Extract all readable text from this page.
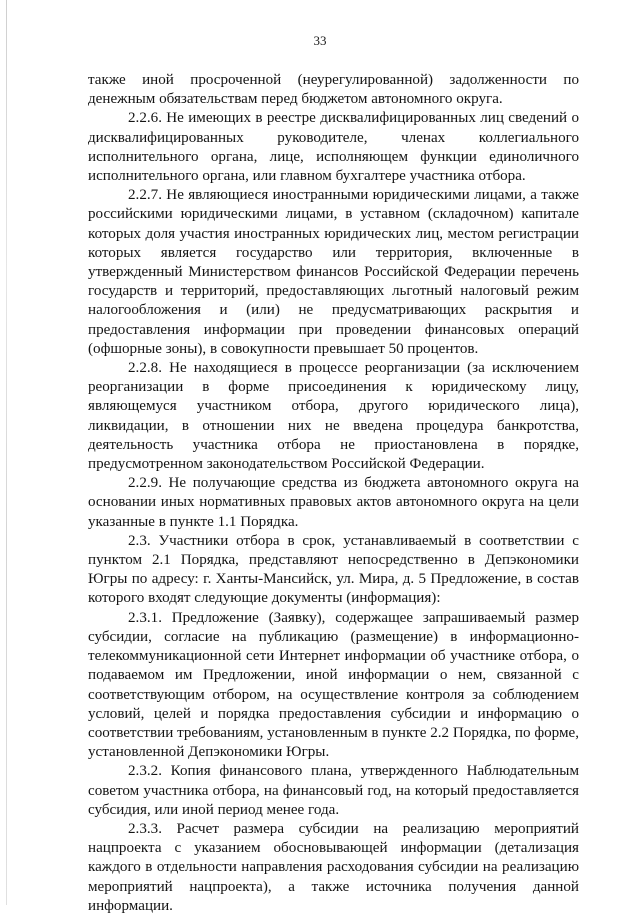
33

также иной просроченной (неурегулированной) задолженности по денежным обязательствам перед бюджетом автономного округа.

2.2.6. Не имеющих в реестре дисквалифицированных лиц сведений о дисквалифицированных руководителе, членах коллегиального исполнительного органа, лице, исполняющем функции единоличного исполнительного органа, или главном бухгалтере участника отбора.

2.2.7. Не являющиеся иностранными юридическими лицами, а также российскими юридическими лицами, в уставном (складочном) капитале которых доля участия иностранных юридических лиц, местом регистрации которых является государство или территория, включенные в утвержденный Министерством финансов Российской Федерации перечень государств и территорий, предоставляющих льготный налоговый режим налогообложения и (или) не предусматривающих раскрытия и предоставления информации при проведении финансовых операций (офшорные зоны), в совокупности превышает 50 процентов.

2.2.8. Не находящиеся в процессе реорганизации (за исключением реорганизации в форме присоединения к юридическому лицу, являющемуся участником отбора, другого юридического лица), ликвидации, в отношении них не введена процедура банкротства, деятельность участника отбора не приостановлена в порядке, предусмотренном законодательством Российской Федерации.

2.2.9. Не получающие средства из бюджета автономного округа на основании иных нормативных правовых актов автономного округа на цели указанные в пункте 1.1 Порядка.

2.3. Участники отбора в срок, устанавливаемый в соответствии с пунктом 2.1 Порядка, представляют непосредственно в Депэкономики Югры по адресу: г. Ханты-Мансийск, ул. Мира, д. 5 Предложение, в состав которого входят следующие документы (информация):

2.3.1. Предложение (Заявку), содержащее запрашиваемый размер субсидии, согласие на публикацию (размещение) в информационно-телекоммуникационной сети Интернет информации об участнике отбора, о подаваемом им Предложении, иной информации о нем, связанной с соответствующим отбором, на осуществление контроля за соблюдением условий, целей и порядка предоставления субсидии и информацию о соответствии требованиям, установленным в пункте 2.2 Порядка, по форме, установленной Депэкономики Югры.

2.3.2. Копия финансового плана, утвержденного Наблюдательным советом участника отбора, на финансовый год, на который предоставляется субсидия, или иной период менее года.

2.3.3. Расчет размера субсидии на реализацию мероприятий нацпроекта с указанием обосновывающей информации (детализация каждого в отдельности направления расходования субсидии на реализацию мероприятий нацпроекта), а также источника получения данной информации.
